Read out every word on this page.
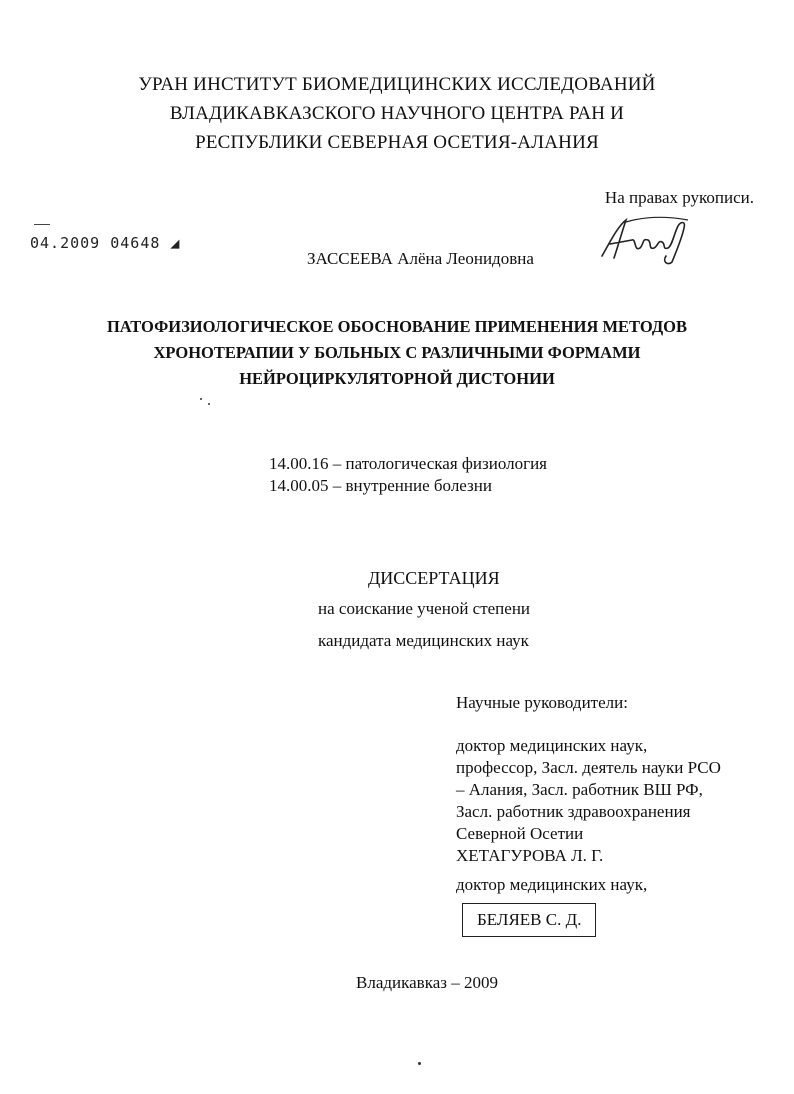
УРАН ИНСТИТУТ БИОМЕДИЦИНСКИХ ИССЛЕДОВАНИЙ
ВЛАДИКАВКАЗСКОГО НАУЧНОГО ЦЕНТРА РАН И
РЕСПУБЛИКИ СЕВЕРНАЯ ОСЕТИЯ-АЛАНИЯ
На правах рукописи.
04.2009 04648 ◢
ЗАССЕЕВА Алёна Леонидовна
ПАТОФИЗИОЛОГИЧЕСКОЕ ОБОСНОВАНИЕ ПРИМЕНЕНИЯ МЕТОДОВ
ХРОНОТЕРАПИИ У БОЛЬНЫХ С РАЗЛИЧНЫМИ ФОРМАМИ
НЕЙРОЦИРКУЛЯТОРНОЙ ДИСТОНИИ
14.00.16 – патологическая физиология
14.00.05 – внутренние болезни
ДИССЕРТАЦИЯ
на соискание ученой степени
кандидата медицинских наук
Научные руководители:
доктор медицинских наук,
профессор, Засл. деятель науки РСО
– Алания, Засл. работник ВШ РФ,
Засл. работник здравоохранения
Северной Осетии
ХЕТАГУРОВА Л. Г.
доктор медицинских наук,
БЕЛЯЕВ С. Д.
Владикавказ – 2009
